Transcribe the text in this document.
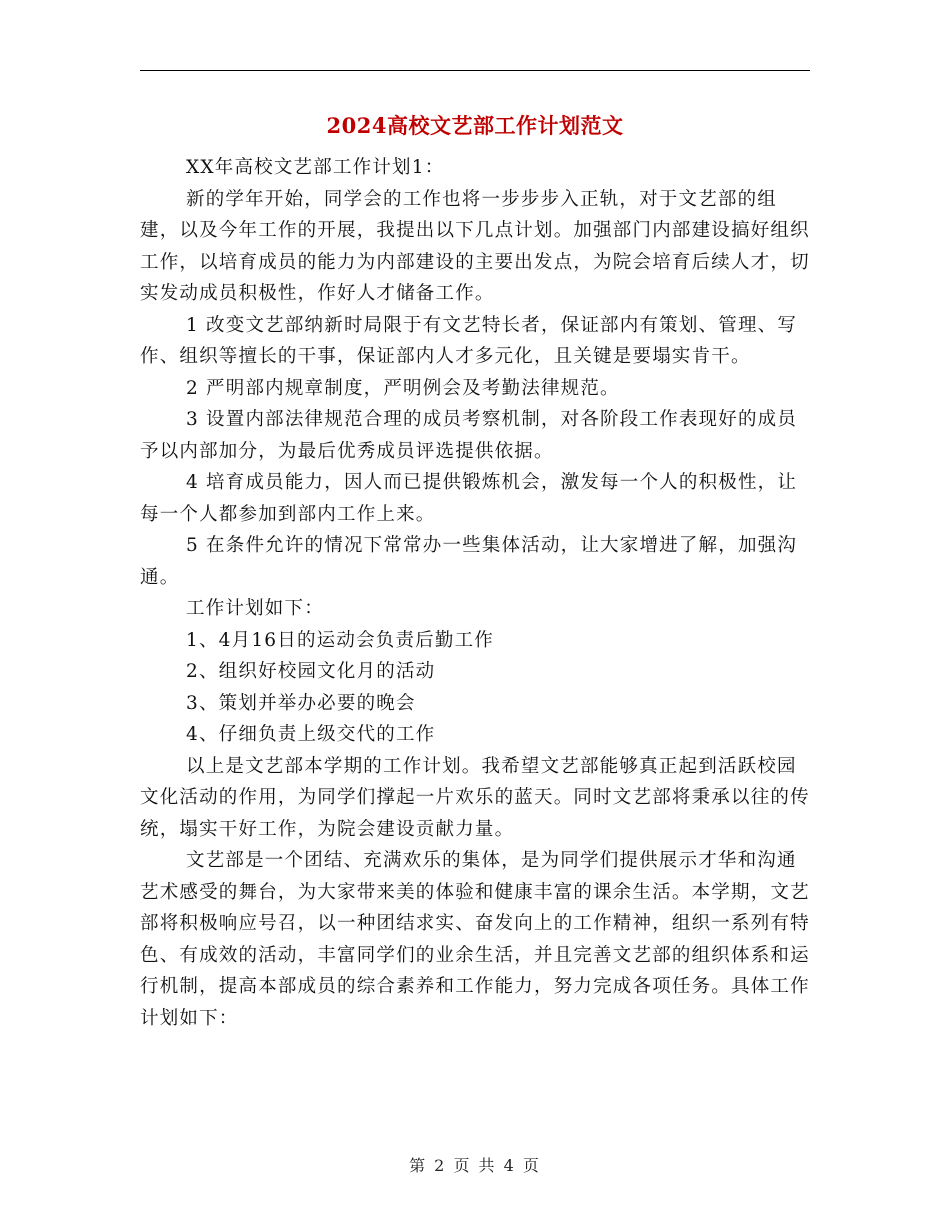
2024高校文艺部工作计划范文

XX年高校文艺部工作计划1：

新的学年开始，同学会的工作也将一步步步入正轨，对于文艺部的组建，以及今年工作的开展，我提出以下几点计划。加强部门内部建设搞好组织工作，以培育成员的能力为内部建设的主要出发点，为院会培育后续人才，切实发动成员积极性，作好人才储备工作。

1 改变文艺部纳新时局限于有文艺特长者，保证部内有策划、管理、写作、组织等擅长的干事，保证部内人才多元化，且关键是要塌实肯干。

2 严明部内规章制度，严明例会及考勤法律规范。

3 设置内部法律规范合理的成员考察机制，对各阶段工作表现好的成员予以内部加分，为最后优秀成员评选提供依据。

4 培育成员能力，因人而已提供锻炼机会，激发每一个人的积极性，让每一个人都参加到部内工作上来。

5 在条件允许的情况下常常办一些集体活动，让大家增进了解，加强沟通。

工作计划如下：

1、4月16日的运动会负责后勤工作

2、组织好校园文化月的活动

3、策划并举办必要的晚会

4、仔细负责上级交代的工作

以上是文艺部本学期的工作计划。我希望文艺部能够真正起到活跃校园文化活动的作用，为同学们撑起一片欢乐的蓝天。同时文艺部将秉承以往的传统，塌实干好工作，为院会建设贡献力量。

文艺部是一个团结、充满欢乐的集体，是为同学们提供展示才华和沟通艺术感受的舞台，为大家带来美的体验和健康丰富的课余生活。本学期，文艺部将积极响应号召，以一种团结求实、奋发向上的工作精神，组织一系列有特色、有成效的活动，丰富同学们的业余生活，并且完善文艺部的组织体系和运行机制，提高本部成员的综合素养和工作能力，努力完成各项任务。具体工作计划如下：

第 2 页 共 4 页
